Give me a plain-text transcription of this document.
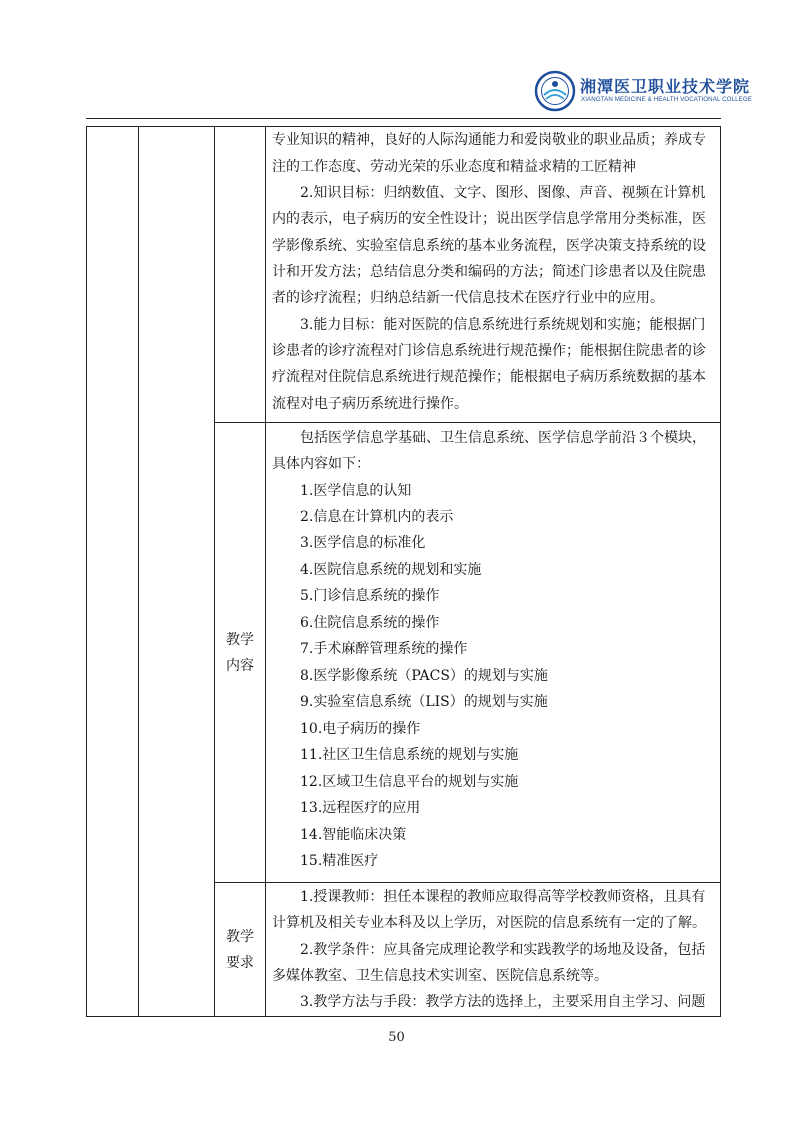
湘潭医卫职业技术学院
XIANGTAN MEDICINE & HEALTH VOCATIONAL COLLEGE
专业知识的精神，良好的人际沟通能力和爱岗敬业的职业品质；养成专
注的工作态度、劳动光荣的乐业态度和精益求精的工匠精神
2.知识目标：归纳数值、文字、图形、图像、声音、视频在计算机
内的表示，电子病历的安全性设计；说出医学信息学常用分类标准，医
学影像系统、实验室信息系统的基本业务流程，医学决策支持系统的设
计和开发方法；总结信息分类和编码的方法；简述门诊患者以及住院患
者的诊疗流程；归纳总结新一代信息技术在医疗行业中的应用。
3.能力目标：能对医院的信息系统进行系统规划和实施；能根据门
诊患者的诊疗流程对门诊信息系统进行规范操作；能根据住院患者的诊
疗流程对住院信息系统进行规范操作；能根据电子病历系统数据的基本
流程对电子病历系统进行操作。
教学
内容
包括医学信息学基础、卫生信息系统、医学信息学前沿３个模块，
具体内容如下：
1.医学信息的认知
2.信息在计算机内的表示
3.医学信息的标准化
4.医院信息系统的规划和实施
5.门诊信息系统的操作
6.住院信息系统的操作
7.手术麻醉管理系统的操作
8.医学影像系统（PACS）的规划与实施
9.实验室信息系统（LIS）的规划与实施
10.电子病历的操作
11.社区卫生信息系统的规划与实施
12.区域卫生信息平台的规划与实施
13.远程医疗的应用
14.智能临床决策
15.精准医疗
教学
要求
1.授课教师：担任本课程的教师应取得高等学校教师资格，且具有
计算机及相关专业本科及以上学历，对医院的信息系统有一定的了解。
2.教学条件：应具备完成理论教学和实践教学的场地及设备，包括
多媒体教室、卫生信息技术实训室、医院信息系统等。
3.教学方法与手段：教学方法的选择上，主要采用自主学习、问题
50
